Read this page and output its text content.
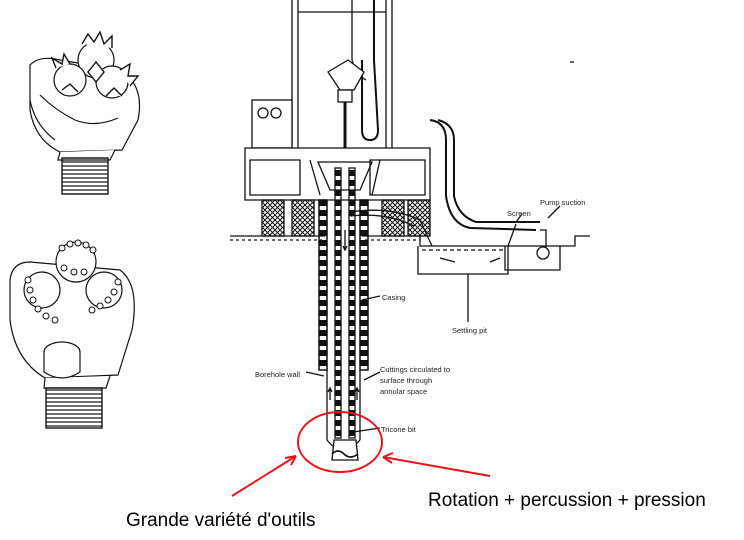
Pump suction
Screen
Casing
Settling pit
Borehole wall
Cuttings circulated to
surface through
annular space
Tricone bit
Grande variété d'outils
Rotation + percussion + pression
